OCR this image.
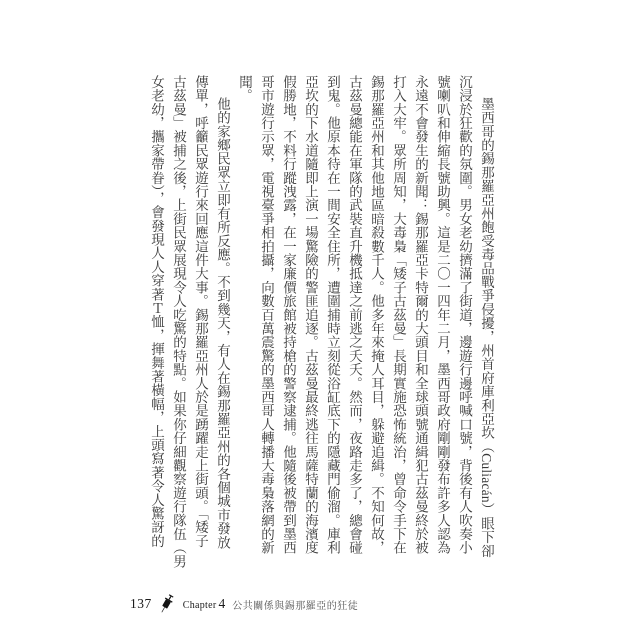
墨西哥的錫那羅亞州飽受毒品戰爭侵擾，州首府庫利亞坎（Culiacán）眼下卻
沉浸於狂歡的氛圍。男女老幼擠滿了街道，邊遊行邊呼喊口號，背後有人吹奏小
號喇叭和伸縮長號助興。這是二〇一四年二月，墨西哥政府剛剛發布許多人認為
永遠不會發生的新聞：錫那羅亞卡特爾的大頭目和全球頭號通緝犯古茲曼終於被
打入大牢。眾所周知，大毒梟「矮子古茲曼」長期實施恐怖統治，曾命令手下在
錫那羅亞州和其他地區暗殺數千人。他多年來掩人耳目，躲避追緝。不知何故，
古茲曼總能在軍隊的武裝直升機抵達之前逃之夭夭。然而，夜路走多了，總會碰
到鬼。他原本待在一間安全住所，遭圍捕時立刻從浴缸底下的隱藏門偷溜。庫利
亞坎的下水道隨即上演一場驚險的警匪追逐。古茲曼最終逃往馬薩特蘭的海濱度
假勝地，不料行蹤洩露，在一家廉價旅館被持槍的警察逮捕。他隨後被帶到墨西
哥市遊行示眾，電視臺爭相拍攝，向數百萬震驚的墨西哥人轉播大毒梟落網的新
聞。
他的家鄉民眾立即有所反應。不到幾天，有人在錫那羅亞州的各個城市發放
傳單，呼籲民眾遊行來回應這件大事。錫那羅亞州人於是踴躍走上街頭。「矮子
古茲曼」被捕之後，上街民眾展現令人吃驚的特點。如果你仔細觀察遊行隊伍（男
女老幼，攜家帶眷），會發現人人穿著Ｔ恤，揮舞著橫幅，上頭寫著令人驚訝的
137	Chapter 4 公共關係與錫那羅亞的狂徒
